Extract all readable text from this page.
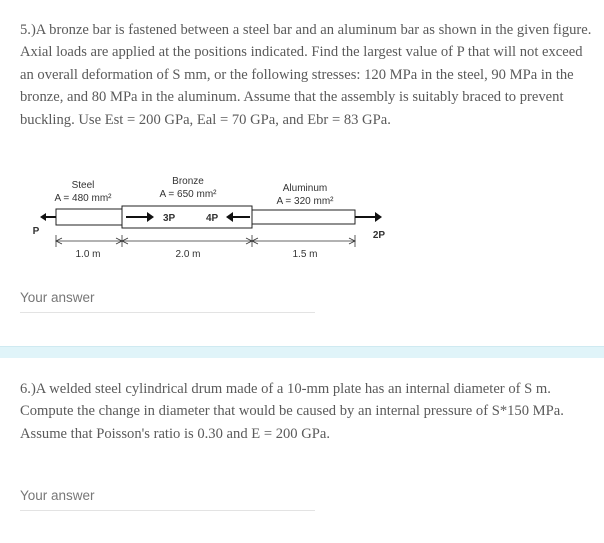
5.)A bronze bar is fastened between a steel bar and an aluminum bar as shown in the given figure. Axial loads are applied at the positions indicated. Find the largest value of P that will not exceed an overall deformation of S mm, or the following stresses: 120 MPa in the steel, 90 MPa in the bronze, and 80 MPa in the aluminum. Assume that the assembly is suitably braced to prevent buckling. Use Est = 200 GPa, Eal = 70 GPa, and Ebr = 83 GPa.

Steel
A = 480 mm²
Bronze
A = 650 mm²
Aluminum
A = 320 mm²
P
3P	4P
2P
1.0 m	2.0 m	1.5 m
Your answer

6.)A welded steel cylindrical drum made of a 10-mm plate has an internal diameter of S m. Compute the change in diameter that would be caused by an internal pressure of S*150 MPa. Assume that Poisson's ratio is 0.30 and E = 200 GPa.

Your answer
